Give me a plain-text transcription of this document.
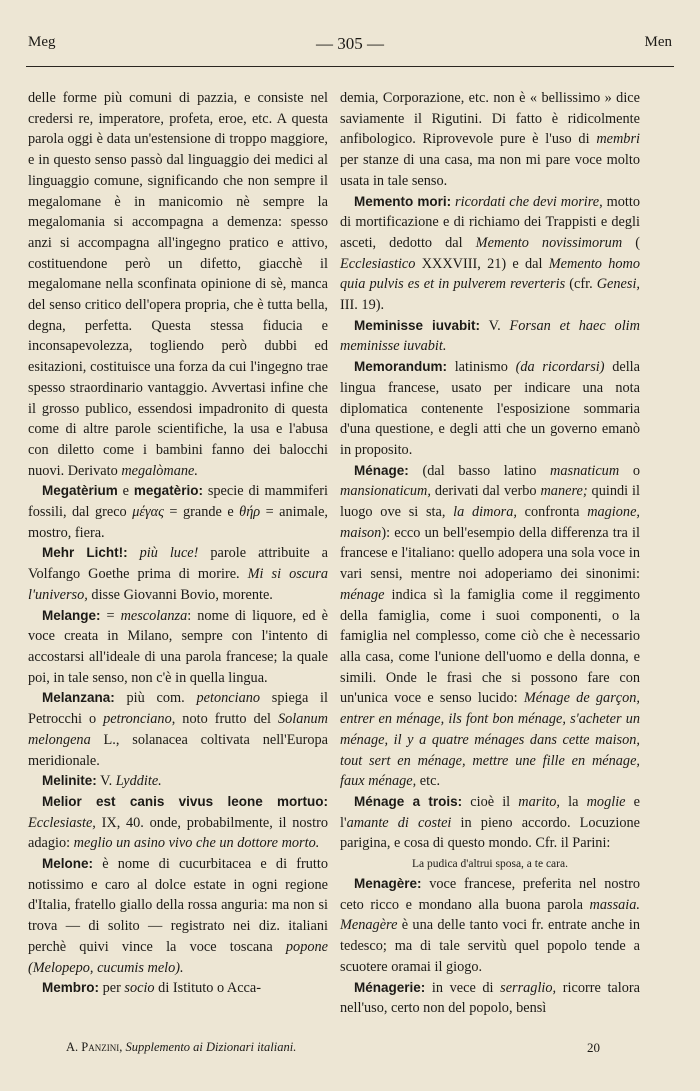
Meg	— 305 —	Men

delle forme più comuni di pazzia, e consiste nel credersi re, imperatore, profeta, eroe, etc. A questa parola oggi è data un'estensione di troppo maggiore, e in questo senso passò dal linguaggio dei medici al linguaggio comune, significando che non sempre il megalomane è in manicomio nè sempre la megalomania si accompagna a demenza: spesso anzi si accompagna all'ingegno pratico e attivo, costituendone però un difetto, giacchè il megalomane nella sconfinata opinione di sè, manca del senso critico dell'opera propria, che è tutta bella, degna, perfetta. Questa stessa fiducia e inconsapevolezza, togliendo però dubbi ed esitazioni, costituisce una forza da cui l'ingegno trae spesso straordinario vantaggio. Avvertasi infine che il grosso publico, essendosi impadronito di questa come di altre parole scientifiche, la usa e l'abusa con diletto come i bambini fanno dei balocchi nuovi. Derivato megalòmane.

Megatèrium e megatèrio: specie di mammiferi fossili, dal greco μέγας = grande e θήρ = animale, mostro, fiera.

Mehr Licht!: più luce! parole attribuite a Volfango Goethe prima di morire. Mi si oscura l'universo, disse Giovanni Bovio, morente.

Melange: = mescolanza: nome di liquore, ed è voce creata in Milano, sempre con l'intento di accostarsi all'ideale di una parola francese; la quale poi, in tale senso, non c'è in quella lingua.

Melanzana: più com. petonciano spiega il Petrocchi o petronciano, noto frutto del Solanum melongena L., solanacea coltivata nell'Europa meridionale.

Melinite: V. Lyddite.

Melior est canis vivus leone mortuo: Ecclesiaste, IX, 40. onde, probabilmente, il nostro adagio: meglio un asino vivo che un dottore morto.

Melone: è nome di cucurbitacea e di frutto notissimo e caro al dolce estate in ogni regione d'Italia, fratello giallo della rossa anguria: ma non si trova — di solito — registrato nei diz. italiani perchè quivi vince la voce toscana popone (Melopepo, cucumis melo).

Membro: per socio di Istituto o Acca-

demia, Corporazione, etc. non è « bellissimo » dice saviamente il Rigutini. Di fatto è ridicolmente anfibologico. Riprovevole pure è l'uso di membri per stanze di una casa, ma non mi pare voce molto usata in tale senso.

Memento mori: ricordati che devi morire, motto di mortificazione e di richiamo dei Trappisti e degli asceti, dedotto dal Memento novissimorum ( Ecclesiastico XXXVIII, 21) e dal Memento homo quia pulvis es et in pulverem reverteris (cfr. Genesi, III. 19).

Meminisse iuvabit: V. Forsan et haec olim meminisse iuvabit.

Memorandum: latinismo (da ricordarsi) della lingua francese, usato per indicare una nota diplomatica contenente l'esposizione sommaria d'una questione, e degli atti che un governo emanò in proposito.

Ménage: (dal basso latino masnaticum o mansionaticum, derivati dal verbo manere; quindi il luogo ove si sta, la dimora, confronta magione, maison): ecco un bell'esempio della differenza tra il francese e l'italiano: quello adopera una sola voce in vari sensi, mentre noi adoperiamo dei sinonimi: ménage indica sì la famiglia come il reggimento della famiglia, come i suoi componenti, o la famiglia nel complesso, come ciò che è necessario alla casa, come l'unione dell'uomo e della donna, e simili. Onde le frasi che si possono fare con un'unica voce e senso lucido: Ménage de garçon, entrer en ménage, ils font bon ménage, s'acheter un ménage, il y a quatre ménages dans cette maison, tout sert en ménage, mettre une fille en ménage, faux ménage, etc.

Ménage a trois: cioè il marito, la moglie e l'amante di costei in pieno accordo. Locuzione parigina, e cosa di questo mondo. Cfr. il Parini:

La pudica d'altrui sposa, a te cara.

Menagère: voce francese, preferita nel nostro ceto ricco e mondano alla buona parola massaia. Menagère è una delle tanto voci fr. entrate anche in tedesco; ma di tale servitù quel popolo tende a scuotere oramai il giogo.

Ménagerie: in vece di serraglio, ricorre talora nell'uso, certo non del popolo, bensì

A. Panzini, Supplemento ai Dizionari italiani.	20
